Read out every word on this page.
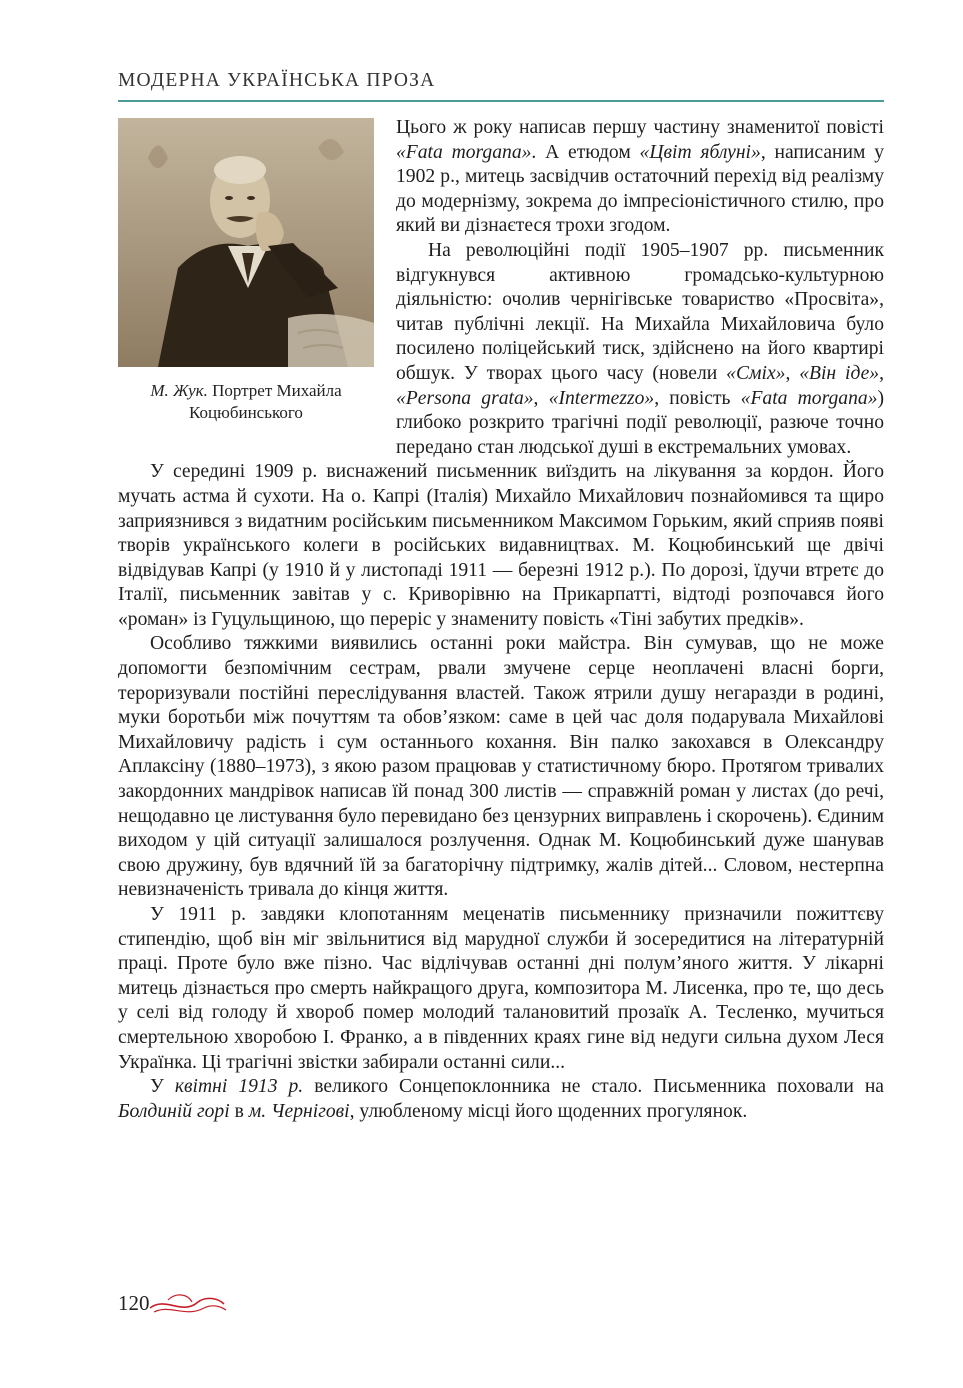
МОДЕРНА УКРАЇНСЬКА ПРОЗА
М. Жук. Портрет Михайла Коцюбинського

Цього ж року написав першу частину знаменитої повісті «Fata morgana». А етюдом «Цвіт яблуні», написаним у 1902 р., митець засвідчив остаточний перехід від реалізму до модернізму, зокрема до імпресіоністичного стилю, про який ви дізнаєтеся трохи згодом.

На революційні події 1905–1907 рр. письменник відгукнувся активною громадсько-культурною діяльністю: очолив чернігівське товариство «Просвіта», читав публічні лекції. На Михайла Михайловича було посилено поліцейський тиск, здійснено на його квартирі обшук. У творах цього часу (новели «Сміх», «Він іде», «Persona grata», «Intermezzo», повість «Fata morgana») глибоко розкрито трагічні події революції, разюче точно передано стан людської душі в екстремальних умовах.

У середині 1909 р. виснажений письменник виїздить на лікування за кордон. Його мучать астма й сухоти. На о. Капрі (Італія) Михайло Михайлович познайомився та щиро заприязнився з видатним російським письменником Максимом Горьким, який сприяв появі творів українського колеги в російських видавництвах. М. Коцюбинський ще двічі відвідував Капрі (у 1910 й у листопаді 1911 — березні 1912 р.). По дорозі, їдучи втретє до Італії, письменник завітав у с. Криворівню на Прикарпатті, відтоді розпочався його «роман» із Гуцульщиною, що переріс у знамениту повість «Тіні забутих предків».

Особливо тяжкими виявились останні роки майстра. Він сумував, що не може допомогти безпомічним сестрам, рвали змучене серце неоплачені власні борги, тероризували постійні переслідування властей. Також ятрили душу негаразди в родині, муки боротьби між почуттям та обов’язком: саме в цей час доля подарувала Михайлові Михайловичу радість і сум останнього кохання. Він палко закохався в Олександру Аплаксіну (1880–1973), з якою разом працював у статистичному бюро. Протягом тривалих закордонних мандрівок написав їй понад 300 листів — справжній роман у листах (до речі, нещодавно це листування було перевидано без цензурних виправлень і скорочень). Єдиним виходом у цій ситуації залишалося розлучення. Однак М. Коцюбинський дуже шанував свою дружину, був вдячний їй за багаторічну підтримку, жалів дітей... Словом, нестерпна невизначеність тривала до кінця життя.

У 1911 р. завдяки клопотанням меценатів письменнику призначили пожиттєву стипендію, щоб він міг звільнитися від марудної служби й зосередитися на літературній праці. Проте було вже пізно. Час відлічував останні дні полум’яного життя. У лікарні митець дізнається про смерть найкращого друга, композитора М. Лисенка, про те, що десь у селі від голоду й хвороб помер молодий талановитий прозаїк А. Тесленко, мучиться смертельною хворобою І. Франко, а в південних краях гине від недуги сильна духом Леся Українка. Ці трагічні звістки забирали останні сили...

У квітні 1913 р. великого Сонцепоклонника не стало. Письменника поховали на Болдиній горі в м. Чернігові, улюбленому місці його щоденних прогулянок.

120
